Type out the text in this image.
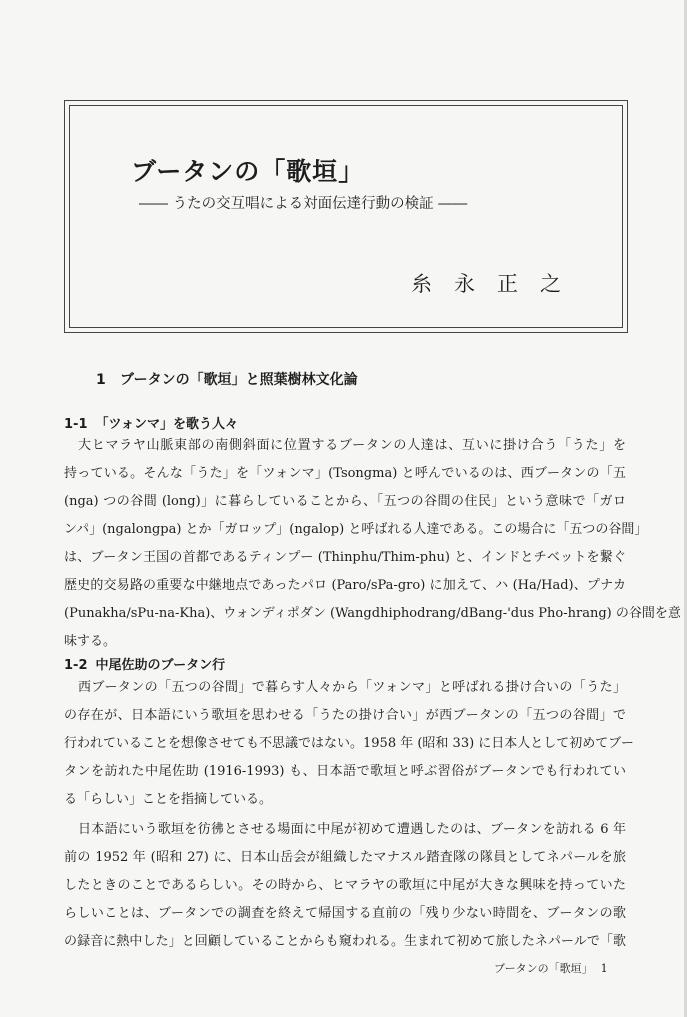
ブータンの「歌垣」
―― うたの交互唱による対面伝達行動の検証 ――
糸永正之
1 ブータンの「歌垣」と照葉樹林文化論
1-1 「ツォンマ」を歌う人々
大ヒマラヤ山脈東部の南側斜面に位置するブータンの人達は、互いに掛け合う「うた」を
持っている。そんな「うた」を「ツォンマ」(Tsongma) と呼んでいるのは、西ブータンの「五
(nga) つの谷間 (long)」に暮らしていることから、「五つの谷間の住民」という意味で「ガロ
ンパ」(ngalongpa) とか「ガロップ」(ngalop) と呼ばれる人達である。この場合に「五つの谷間」
は、ブータン王国の首都であるティンプー (Thinphu/Thim-phu) と、インドとチベットを繋ぐ
歴史的交易路の重要な中継地点であったパロ (Paro/sPa-gro) に加えて、ハ (Ha/Had)、プナカ
(Punakha/sPu-na-Kha)、ウォンディポダン (Wangdhiphodrang/dBang-'dus Pho-hrang) の谷間を意
味する。
1-2 中尾佐助のブータン行
西ブータンの「五つの谷間」で暮らす人々から「ツォンマ」と呼ばれる掛け合いの「うた」
の存在が、日本語にいう歌垣を思わせる「うたの掛け合い」が西ブータンの「五つの谷間」で
行われていることを想像させても不思議ではない。1958 年 (昭和 33) に日本人として初めてブー
タンを訪れた中尾佐助 (1916-1993) も、日本語で歌垣と呼ぶ習俗がブータンでも行われてい
る「らしい」ことを指摘している。
日本語にいう歌垣を彷彿とさせる場面に中尾が初めて遭遇したのは、ブータンを訪れる 6 年
前の 1952 年 (昭和 27) に、日本山岳会が組織したマナスル踏査隊の隊員としてネパールを旅
したときのことであるらしい。その時から、ヒマラヤの歌垣に中尾が大きな興味を持っていた
らしいことは、ブータンでの調査を終えて帰国する直前の「残り少ない時間を、ブータンの歌
の録音に熱中した」と回顧していることからも窺われる。生まれて初めて旅したネパールで「歌
ブータンの「歌垣」 1
